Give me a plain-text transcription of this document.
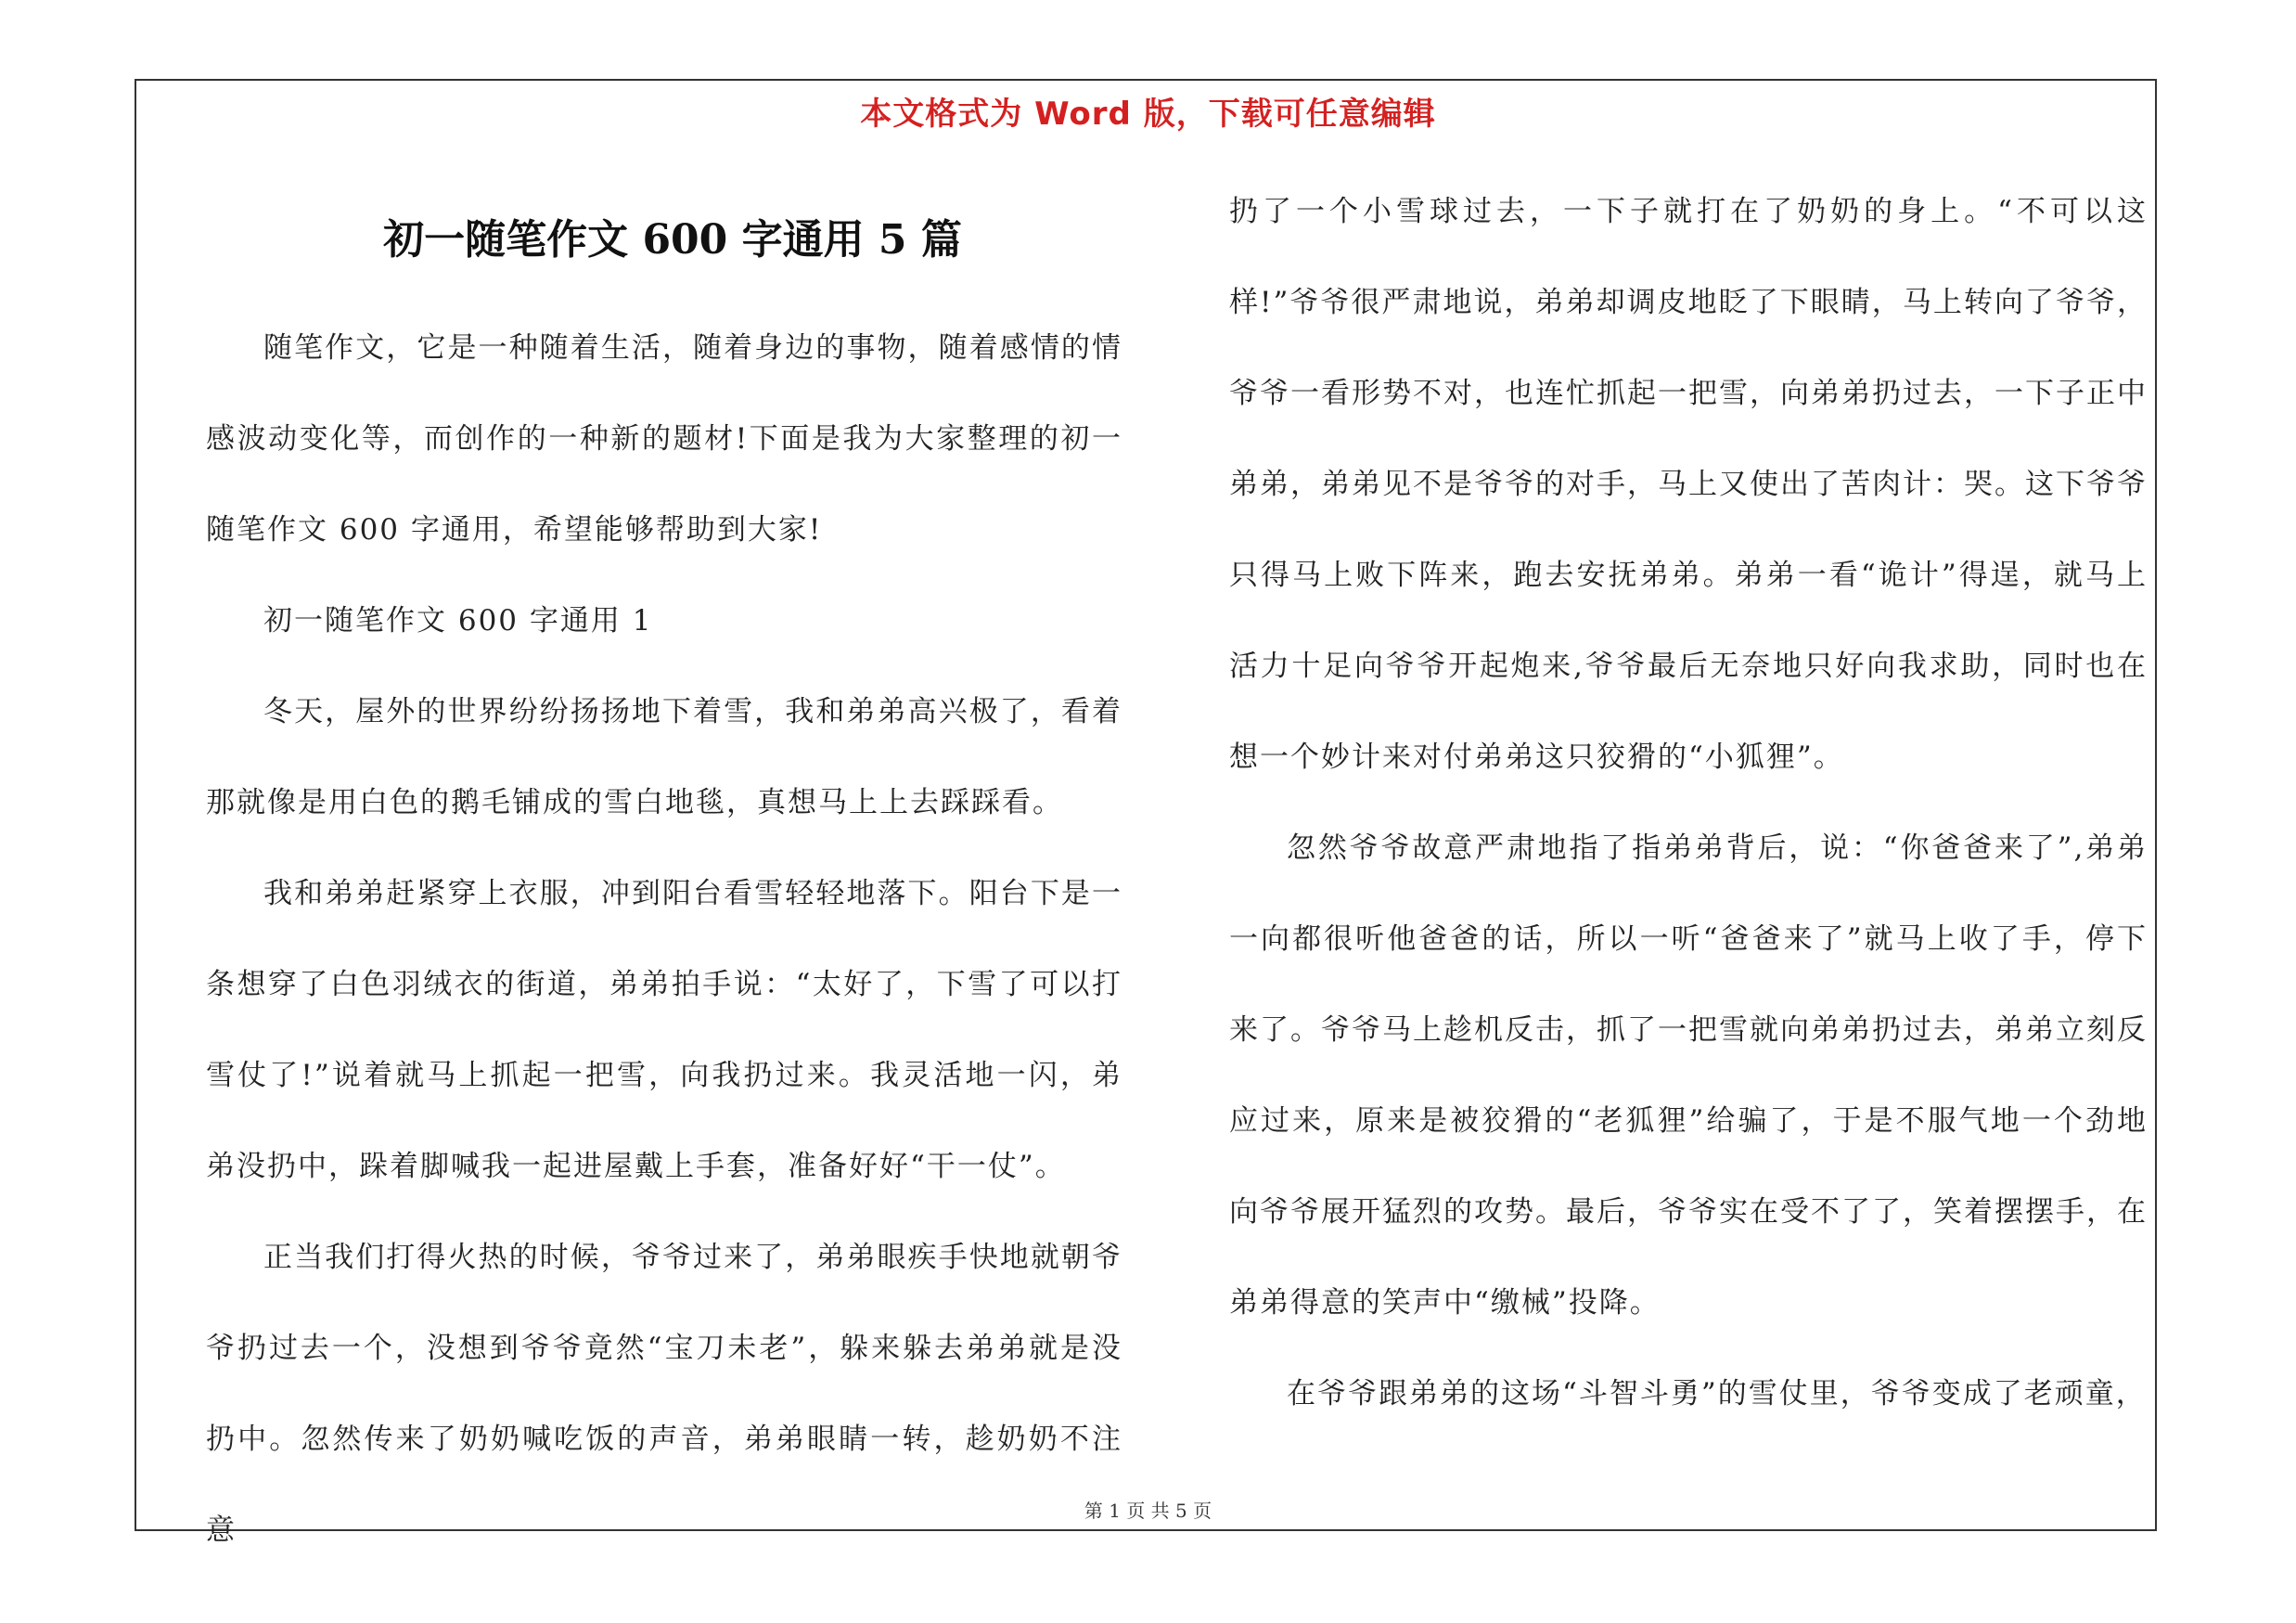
本文格式为 Word 版，下载可任意编辑
初一随笔作文 600 字通用 5 篇

随笔作文，它是一种随着生活，随着身边的事物，随着感情的情感波动变化等，而创作的一种新的题材!下面是我为大家整理的初一随笔作文 600 字通用，希望能够帮助到大家!

初一随笔作文 600 字通用 1

冬天，屋外的世界纷纷扬扬地下着雪，我和弟弟高兴极了，看着那就像是用白色的鹅毛铺成的雪白地毯，真想马上上去踩踩看。

我和弟弟赶紧穿上衣服，冲到阳台看雪轻轻地落下。阳台下是一条想穿了白色羽绒衣的街道，弟弟拍手说：“太好了，下雪了可以打雪仗了!”说着就马上抓起一把雪，向我扔过来。我灵活地一闪，弟弟没扔中，跺着脚喊我一起进屋戴上手套，准备好好“干一仗”。

正当我们打得火热的时候，爷爷过来了，弟弟眼疾手快地就朝爷爷扔过去一个，没想到爷爷竟然“宝刀未老”，躲来躲去弟弟就是没扔中。忽然传来了奶奶喊吃饭的声音，弟弟眼睛一转，趁奶奶不注意

扔了一个小雪球过去，一下子就打在了奶奶的身上。“不可以这样!”爷爷很严肃地说，弟弟却调皮地眨了下眼睛，马上转向了爷爷，爷爷一看形势不对，也连忙抓起一把雪，向弟弟扔过去，一下子正中弟弟，弟弟见不是爷爷的对手，马上又使出了苦肉计：哭。这下爷爷只得马上败下阵来，跑去安抚弟弟。弟弟一看“诡计”得逞，就马上活力十足向爷爷开起炮来,爷爷最后无奈地只好向我求助，同时也在想一个妙计来对付弟弟这只狡猾的“小狐狸”。

忽然爷爷故意严肃地指了指弟弟背后，说：“你爸爸来了”,弟弟一向都很听他爸爸的话，所以一听“爸爸来了”就马上收了手，停下来了。爷爷马上趁机反击，抓了一把雪就向弟弟扔过去，弟弟立刻反应过来，原来是被狡猾的“老狐狸”给骗了，于是不服气地一个劲地向爷爷展开猛烈的攻势。最后，爷爷实在受不了了，笑着摆摆手，在弟弟得意的笑声中“缴械”投降。

在爷爷跟弟弟的这场“斗智斗勇”的雪仗里，爷爷变成了老顽童，

第 1 页 共 5 页
